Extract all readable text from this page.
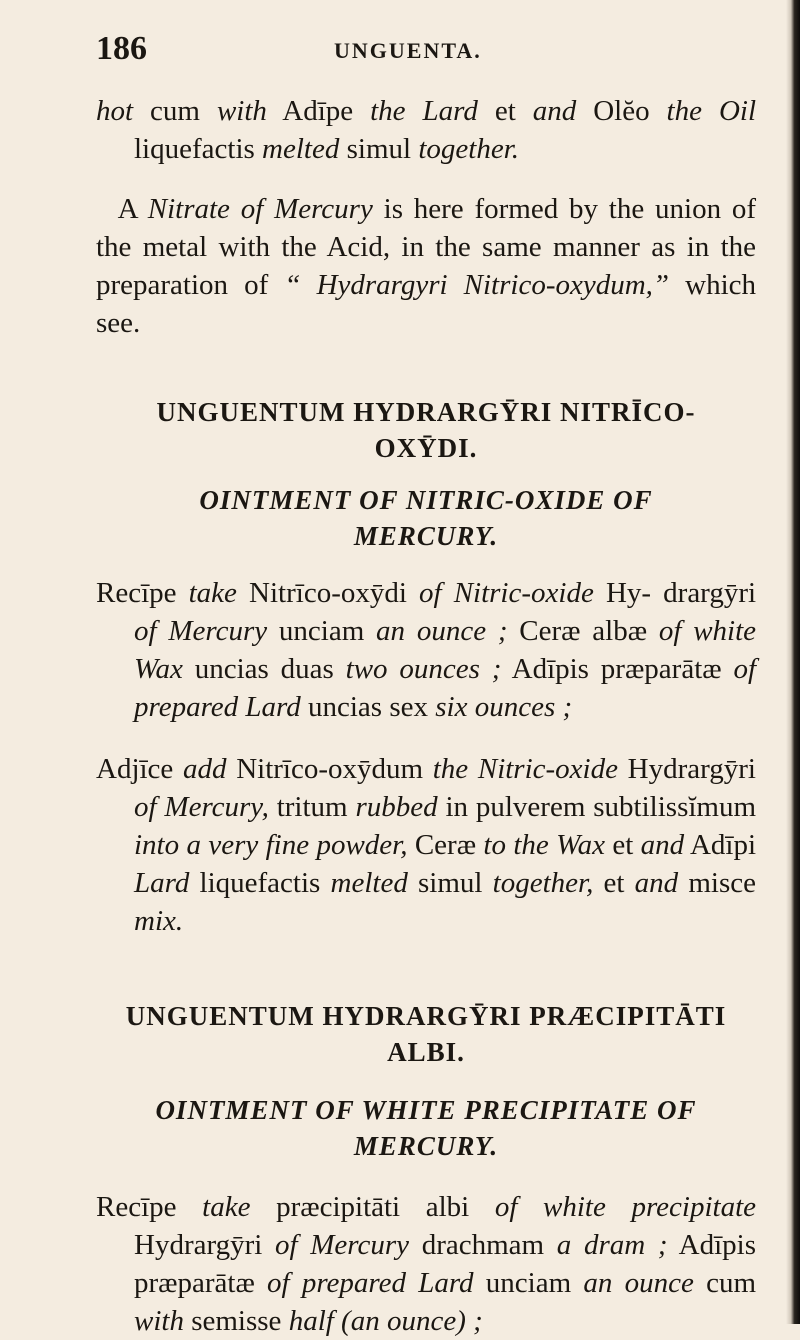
186	UNGUENTA.

hot cum with Adīpe the Lard et and Olĕo the Oil liquefactis melted simul together.

A Nitrate of Mercury is here formed by the union of the metal with the Acid, in the same manner as in the preparation of “ Hydrargyri Nitrico-oxydum,” which see.

UNGUENTUM HYDRARGȲRI NITRĪCO-
OXȲDI.
OINTMENT OF NITRIC-OXIDE OF
MERCURY.

Recīpe take Nitrīco-oxȳdi of Nitric-oxide Hy- drargȳri of Mercury unciam an ounce ; Ceræ albæ of white Wax uncias duas two ounces ; Adīpis præparātæ of prepared Lard uncias sex six ounces ;

Adjīce add Nitrīco-oxȳdum the Nitric-oxide Hydrargȳri of Mercury, tritum rubbed in pulverem subtilissĭmum into a very fine powder, Ceræ to the Wax et and Adīpi Lard liquefactis melted simul together, et and misce mix.

UNGUENTUM HYDRARGȲRI PRÆCIPITĀTI
ALBI.
OINTMENT OF WHITE PRECIPITATE OF
MERCURY.

Recīpe take præcipitāti albi of white precipitate Hydrargȳri of Mercury drachmam a dram ; Adīpis præparātæ of prepared Lard unciam an ounce cum with semisse half (an ounce) ;
